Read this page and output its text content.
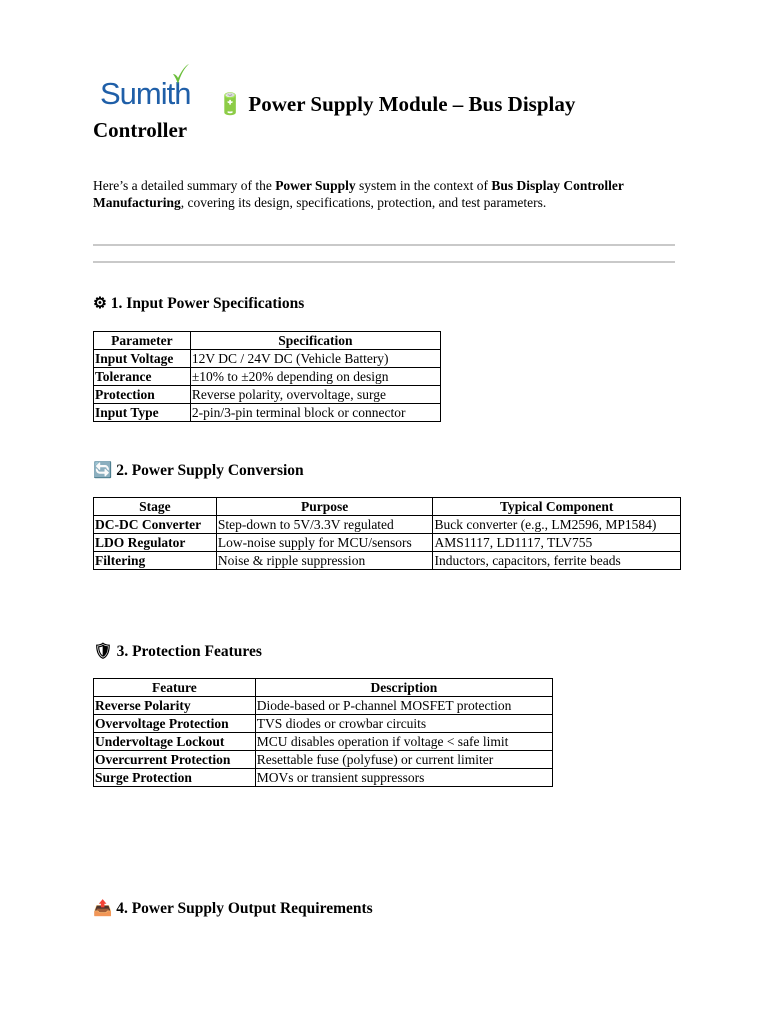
Sumith	🔋 Power Supply Module – Bus Display Controller

Here’s a detailed summary of the Power Supply system in the context of Bus Display Controller Manufacturing, covering its design, specifications, protection, and test parameters.

⚙ 1. Input Power Specifications
Parameter	Specification
Input Voltage	12V DC / 24V DC (Vehicle Battery)
Tolerance	±10% to ±20% depending on design
Protection	Reverse polarity, overvoltage, surge
Input Type	2-pin/3-pin terminal block or connector
🔄 2. Power Supply Conversion
Stage	Purpose	Typical Component
DC-DC Converter	Step-down to 5V/3.3V regulated	Buck converter (e.g., LM2596, MP1584)
LDO Regulator	Low-noise supply for MCU/sensors	AMS1117, LD1117, TLV755
Filtering	Noise & ripple suppression	Inductors, capacitors, ferrite beads
🛡 3. Protection Features
Feature	Description
Reverse Polarity	Diode-based or P-channel MOSFET protection
Overvoltage Protection	TVS diodes or crowbar circuits
Undervoltage Lockout	MCU disables operation if voltage < safe limit
Overcurrent Protection	Resettable fuse (polyfuse) or current limiter
Surge Protection	MOVs or transient suppressors
📤 4. Power Supply Output Requirements
